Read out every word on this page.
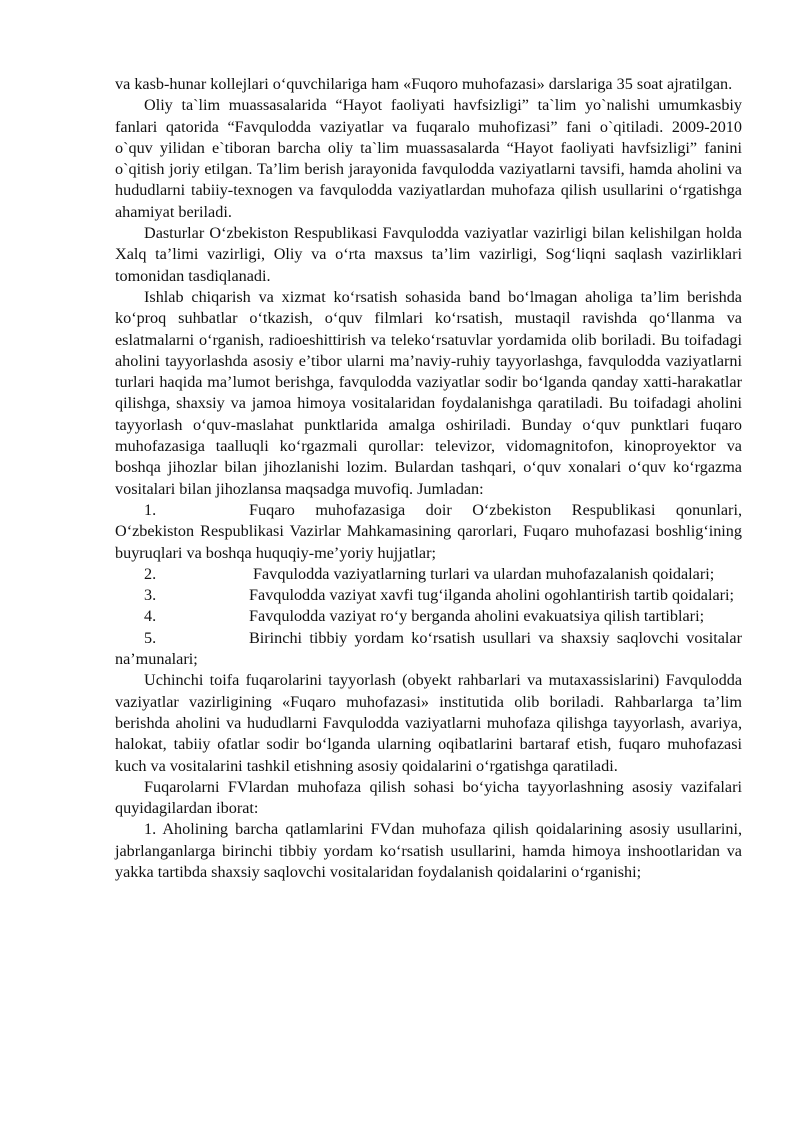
va kasb-hunar kollejlari o‘quvchilariga ham «Fuqoro muhofazasi» darslariga 35 soat ajratilgan.

Oliy ta`lim muassasalarida “Hayot faoliyati havfsizligi” ta`lim yo`nalishi umumkasbiy fanlari qatorida “Favqulodda vaziyatlar va fuqaralo muhofizasi” fani o`qitiladi. 2009-2010 o`quv yilidan e`tiboran barcha oliy ta`lim muassasalarda “Hayot faoliyati havfsizligi” fanini o`qitish joriy etilgan. Ta’lim berish jarayonida favqulodda vaziyatlarni tavsifi, hamda aholini va hududlarni tabiiy-texnogen va favqulodda vaziyatlardan muhofaza qilish usullarini o‘rgatishga ahamiyat beriladi.

Dasturlar O‘zbekiston Respublikasi Favqulodda vaziyatlar vazirligi bilan kelishilgan holda Xalq ta’limi vazirligi, Oliy va o‘rta maxsus ta’lim vazirligi, Sog‘liqni saqlash vazirliklari tomonidan tasdiqlanadi.

Ishlab chiqarish va xizmat ko‘rsatish sohasida band bo‘lmagan aholiga ta’lim berishda ko‘proq suhbatlar o‘tkazish, o‘quv filmlari ko‘rsatish, mustaqil ravishda qo‘llanma va eslatmalarni o‘rganish, radioeshittirish va teleko‘rsatuvlar yordamida olib boriladi. Bu toifadagi aholini tayyorlashda asosiy e’tibor ularni ma’naviy-ruhiy tayyorlashga, favqulodda vaziyatlarni turlari haqida ma’lumot berishga, favqulodda vaziyatlar sodir bo‘lganda qanday xatti-harakatlar qilishga, shaxsiy va jamoa himoya vositalaridan foydalanishga qaratiladi. Bu toifadagi aholini tayyorlash o‘quv-maslahat punktlarida amalga oshiriladi. Bunday o‘quv punktlari fuqaro muhofazasiga taalluqli ko‘rgazmali qurollar: televizor, vidomagnitofon, kinoproyektor va boshqa jihozlar bilan jihozlanishi lozim. Bulardan tashqari, o‘quv xonalari o‘quv ko‘rgazma vositalari bilan jihozlansa maqsadga muvofiq. Jumladan:

1.	Fuqaro muhofazasiga doir O‘zbekiston Respublikasi qonunlari, O‘zbekiston Respublikasi Vazirlar Mahkamasining qarorlari, Fuqaro muhofazasi boshlig‘ining buyruqlari va boshqa huquqiy-me’yoriy hujjatlar;

2.	Favqulodda vaziyatlarning turlari va ulardan muhofazalanish qoidalari;

3.	Favqulodda vaziyat xavfi tug‘ilganda aholini ogohlantirish tartib qoidalari;

4.	Favqulodda vaziyat ro‘y berganda aholini evakuatsiya qilish tartiblari;

5.	Birinchi tibbiy yordam ko‘rsatish usullari va shaxsiy saqlovchi vositalar na’munalari;

Uchinchi toifa fuqarolarini tayyorlash (obyekt rahbarlari va mutaxassislarini) Favqulodda vaziyatlar vazirligining «Fuqaro muhofazasi» institutida olib boriladi. Rahbarlarga ta’lim berishda aholini va hududlarni Favqulodda vaziyatlarni muhofaza qilishga tayyorlash, avariya, halokat, tabiiy ofatlar sodir bo‘lganda ularning oqibatlarini bartaraf etish, fuqaro muhofazasi kuch va vositalarini tashkil etishning asosiy qoidalarini o‘rgatishga qaratiladi.

Fuqarolarni FVlardan muhofaza qilish sohasi bo‘yicha tayyorlashning asosiy vazifalari quyidagilardan iborat:

1. Aholining barcha qatlamlarini FVdan muhofaza qilish qoidalarining asosiy usullarini, jabrlanganlarga birinchi tibbiy yordam ko‘rsatish usullarini, hamda himoya inshootlaridan va yakka tartibda shaxsiy saqlovchi vositalaridan foydalanish qoidalarini o‘rganishi;
